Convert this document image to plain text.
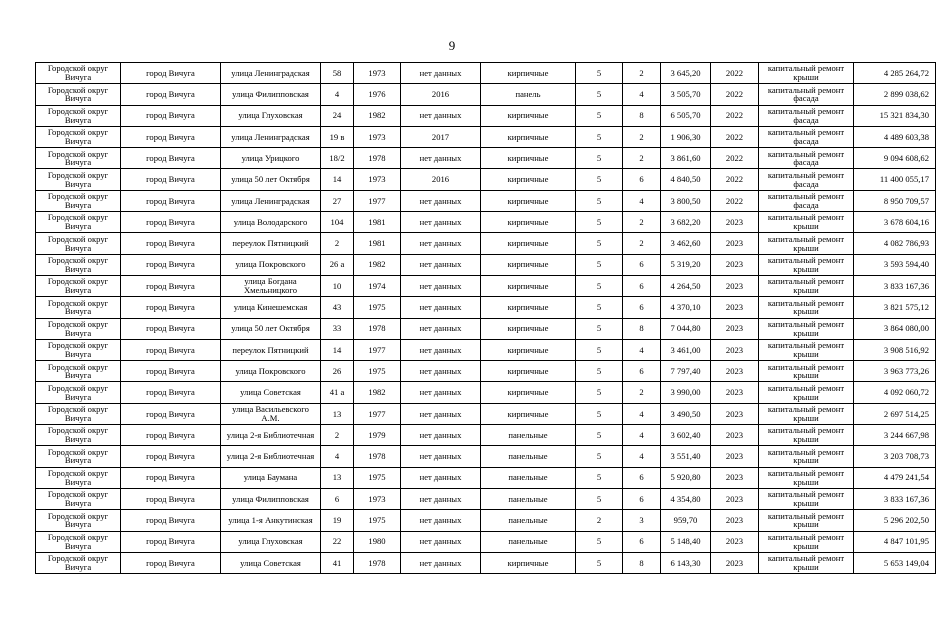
9
Городской округ Вичуга	город Вичуга	улица Ленинградская	58	1973	нет данных	кирпичные	5	2	3 645,20	2022	капитальный ремонт крыши	4 285 264,72
Городской округ Вичуга	город Вичуга	улица Филипповская	4	1976	2016	панель	5	4	3 505,70	2022	капитальный ремонт фасада	2 899 038,62
Городской округ Вичуга	город Вичуга	улица Глуховская	24	1982	нет данных	кирпичные	5	8	6 505,70	2022	капитальный ремонт фасада	15 321 834,30
Городской округ Вичуга	город Вичуга	улица Ленинградская	19 в	1973	2017	кирпичные	5	2	1 906,30	2022	капитальный ремонт фасада	4 489 603,38
Городской округ Вичуга	город Вичуга	улица Урицкого	18/2	1978	нет данных	кирпичные	5	2	3 861,60	2022	капитальный ремонт фасада	9 094 608,62
Городской округ Вичуга	город Вичуга	улица 50 лет Октября	14	1973	2016	кирпичные	5	6	4 840,50	2022	капитальный ремонт фасада	11 400 055,17
Городской округ Вичуга	город Вичуга	улица Ленинградская	27	1977	нет данных	кирпичные	5	4	3 800,50	2022	капитальный ремонт фасада	8 950 709,57
Городской округ Вичуга	город Вичуга	улица Володарского	104	1981	нет данных	кирпичные	5	2	3 682,20	2023	капитальный ремонт крыши	3 678 604,16
Городской округ Вичуга	город Вичуга	переулок Пятницкий	2	1981	нет данных	кирпичные	5	2	3 462,60	2023	капитальный ремонт крыши	4 082 786,93
Городской округ Вичуга	город Вичуга	улица Покровского	26 а	1982	нет данных	кирпичные	5	6	5 319,20	2023	капитальный ремонт крыши	3 593 594,40
Городской округ Вичуга	город Вичуга	улица Богдана Хмельницкого	10	1974	нет данных	кирпичные	5	6	4 264,50	2023	капитальный ремонт крыши	3 833 167,36
Городской округ Вичуга	город Вичуга	улица Кинешемская	43	1975	нет данных	кирпичные	5	6	4 370,10	2023	капитальный ремонт крыши	3 821 575,12
Городской округ Вичуга	город Вичуга	улица 50 лет Октября	33	1978	нет данных	кирпичные	5	8	7 044,80	2023	капитальный ремонт крыши	3 864 080,00
Городской округ Вичуга	город Вичуга	переулок Пятницкий	14	1977	нет данных	кирпичные	5	4	3 461,00	2023	капитальный ремонт крыши	3 908 516,92
Городской округ Вичуга	город Вичуга	улица Покровского	26	1975	нет данных	кирпичные	5	6	7 797,40	2023	капитальный ремонт крыши	3 963 773,26
Городской округ Вичуга	город Вичуга	улица Советская	41 а	1982	нет данных	кирпичные	5	2	3 990,00	2023	капитальный ремонт крыши	4 092 060,72
Городской округ Вичуга	город Вичуга	улица Васильевского А.М.	13	1977	нет данных	кирпичные	5	4	3 490,50	2023	капитальный ремонт крыши	2 697 514,25
Городской округ Вичуга	город Вичуга	улица 2-я Библиотечная	2	1979	нет данных	панельные	5	4	3 602,40	2023	капитальный ремонт крыши	3 244 667,98
Городской округ Вичуга	город Вичуга	улица 2-я Библиотечная	4	1978	нет данных	панельные	5	4	3 551,40	2023	капитальный ремонт крыши	3 203 708,73
Городской округ Вичуга	город Вичуга	улица Баумана	13	1975	нет данных	панельные	5	6	5 920,80	2023	капитальный ремонт крыши	4 479 241,54
Городской округ Вичуга	город Вичуга	улица Филипповская	6	1973	нет данных	панельные	5	6	4 354,80	2023	капитальный ремонт крыши	3 833 167,36
Городской округ Вичуга	город Вичуга	улица 1-я Анкутинская	19	1975	нет данных	панельные	2	3	959,70	2023	капитальный ремонт крыши	5 296 202,50
Городской округ Вичуга	город Вичуга	улица Глуховская	22	1980	нет данных	панельные	5	6	5 148,40	2023	капитальный ремонт крыши	4 847 101,95
Городской округ Вичуга	город Вичуга	улица Советская	41	1978	нет данных	кирпичные	5	8	6 143,30	2023	капитальный ремонт крыши	5 653 149,04
